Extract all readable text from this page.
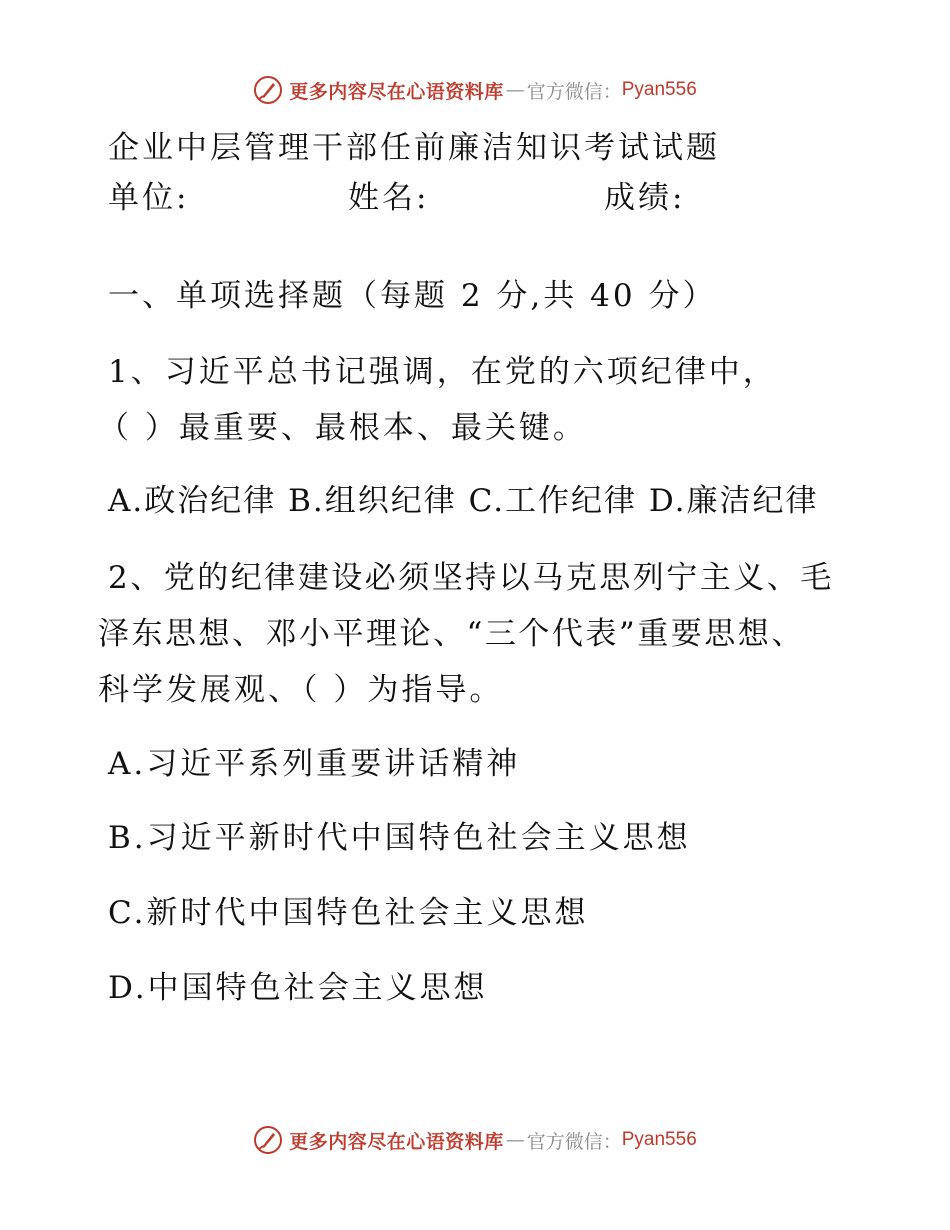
更多内容尽在心语资料库 — 官方微信： Pyan556
企业中层管理干部任前廉洁知识考试试题
单位:	姓名:	成绩:
一、单项选择题（每题 2 分,共 40 分）
1、习近平总书记强调，在党的六项纪律中，
（ ）最重要、最根本、最关键。
A.政治纪律 B.组织纪律 C.工作纪律 D.廉洁纪律
2、党的纪律建设必须坚持以马克思列宁主义、毛
泽东思想、邓小平理论、“三个代表”重要思想、
科学发展观、（ ）为指导。
A.习近平系列重要讲话精神
B.习近平新时代中国特色社会主义思想
C.新时代中国特色社会主义思想
D.中国特色社会主义思想
更多内容尽在心语资料库 — 官方微信： Pyan556
